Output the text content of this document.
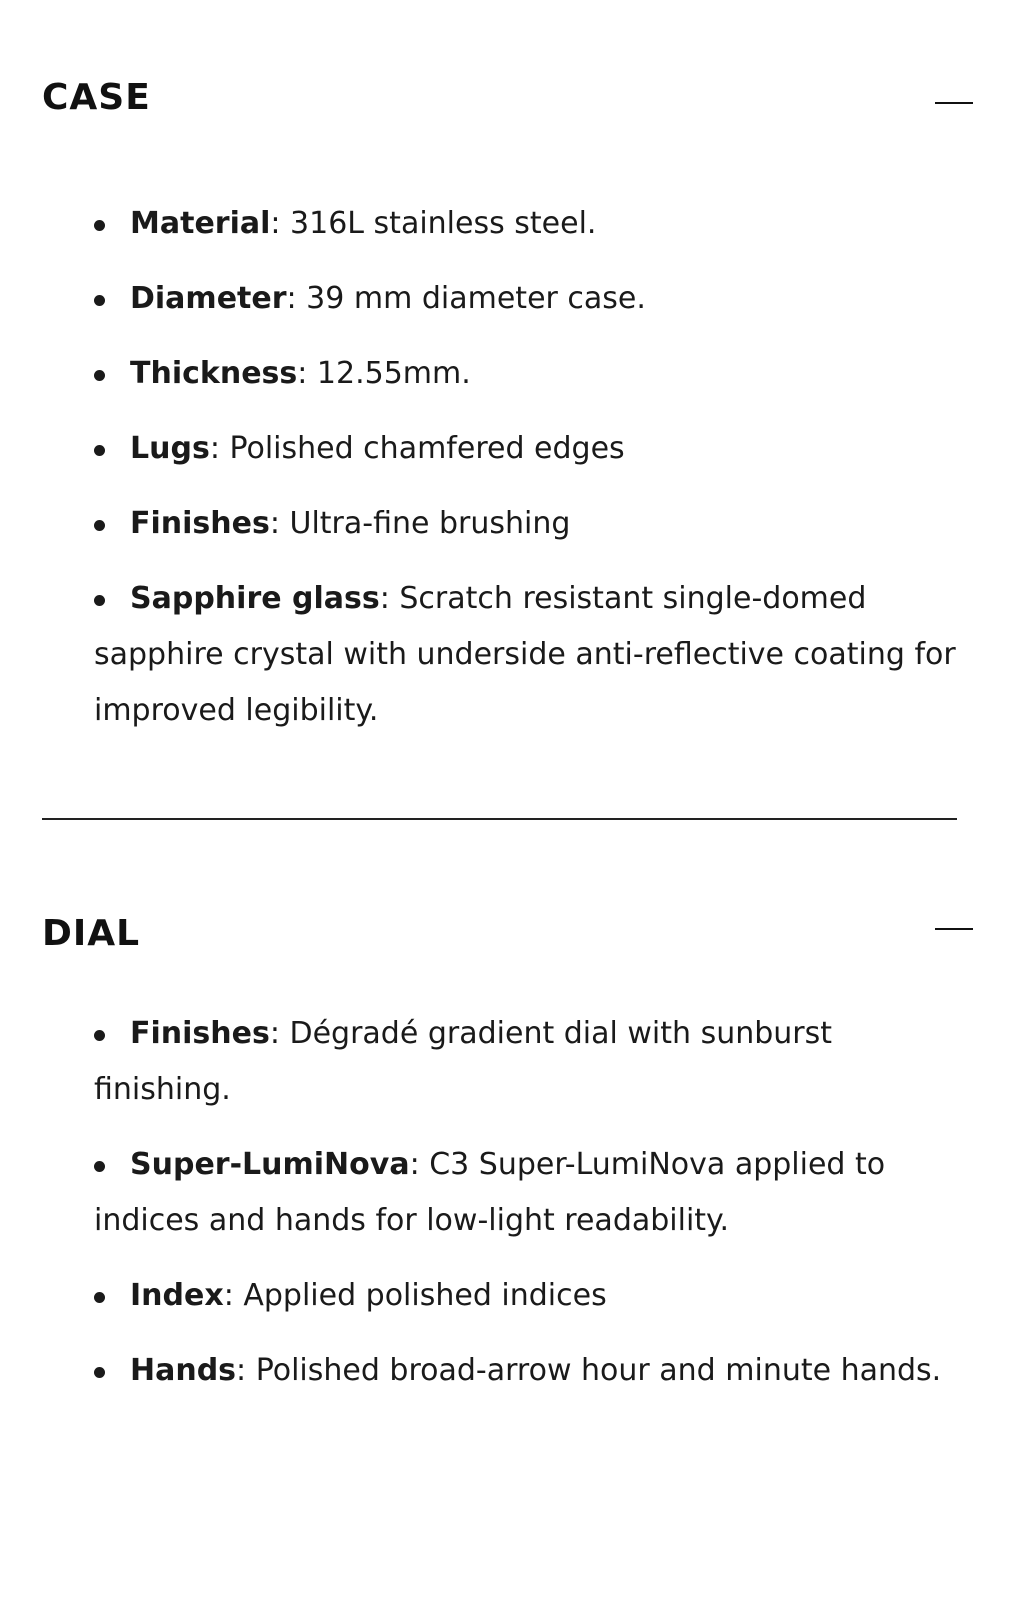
CASE
Material: 316L stainless steel.
Diameter: 39 mm diameter case.
Thickness: 12.55mm.
Lugs: Polished chamfered edges
Finishes: Ultra-fine brushing
Sapphire glass: Scratch resistant single-domed sapphire crystal with underside anti-reflective coating for improved legibility.
DIAL
Finishes: Dégradé gradient dial with sunburst finishing.
Super-LumiNova: C3 Super-LumiNova applied to indices and hands for low-light readability.
Index: Applied polished indices
Hands: Polished broad-arrow hour and minute hands.
